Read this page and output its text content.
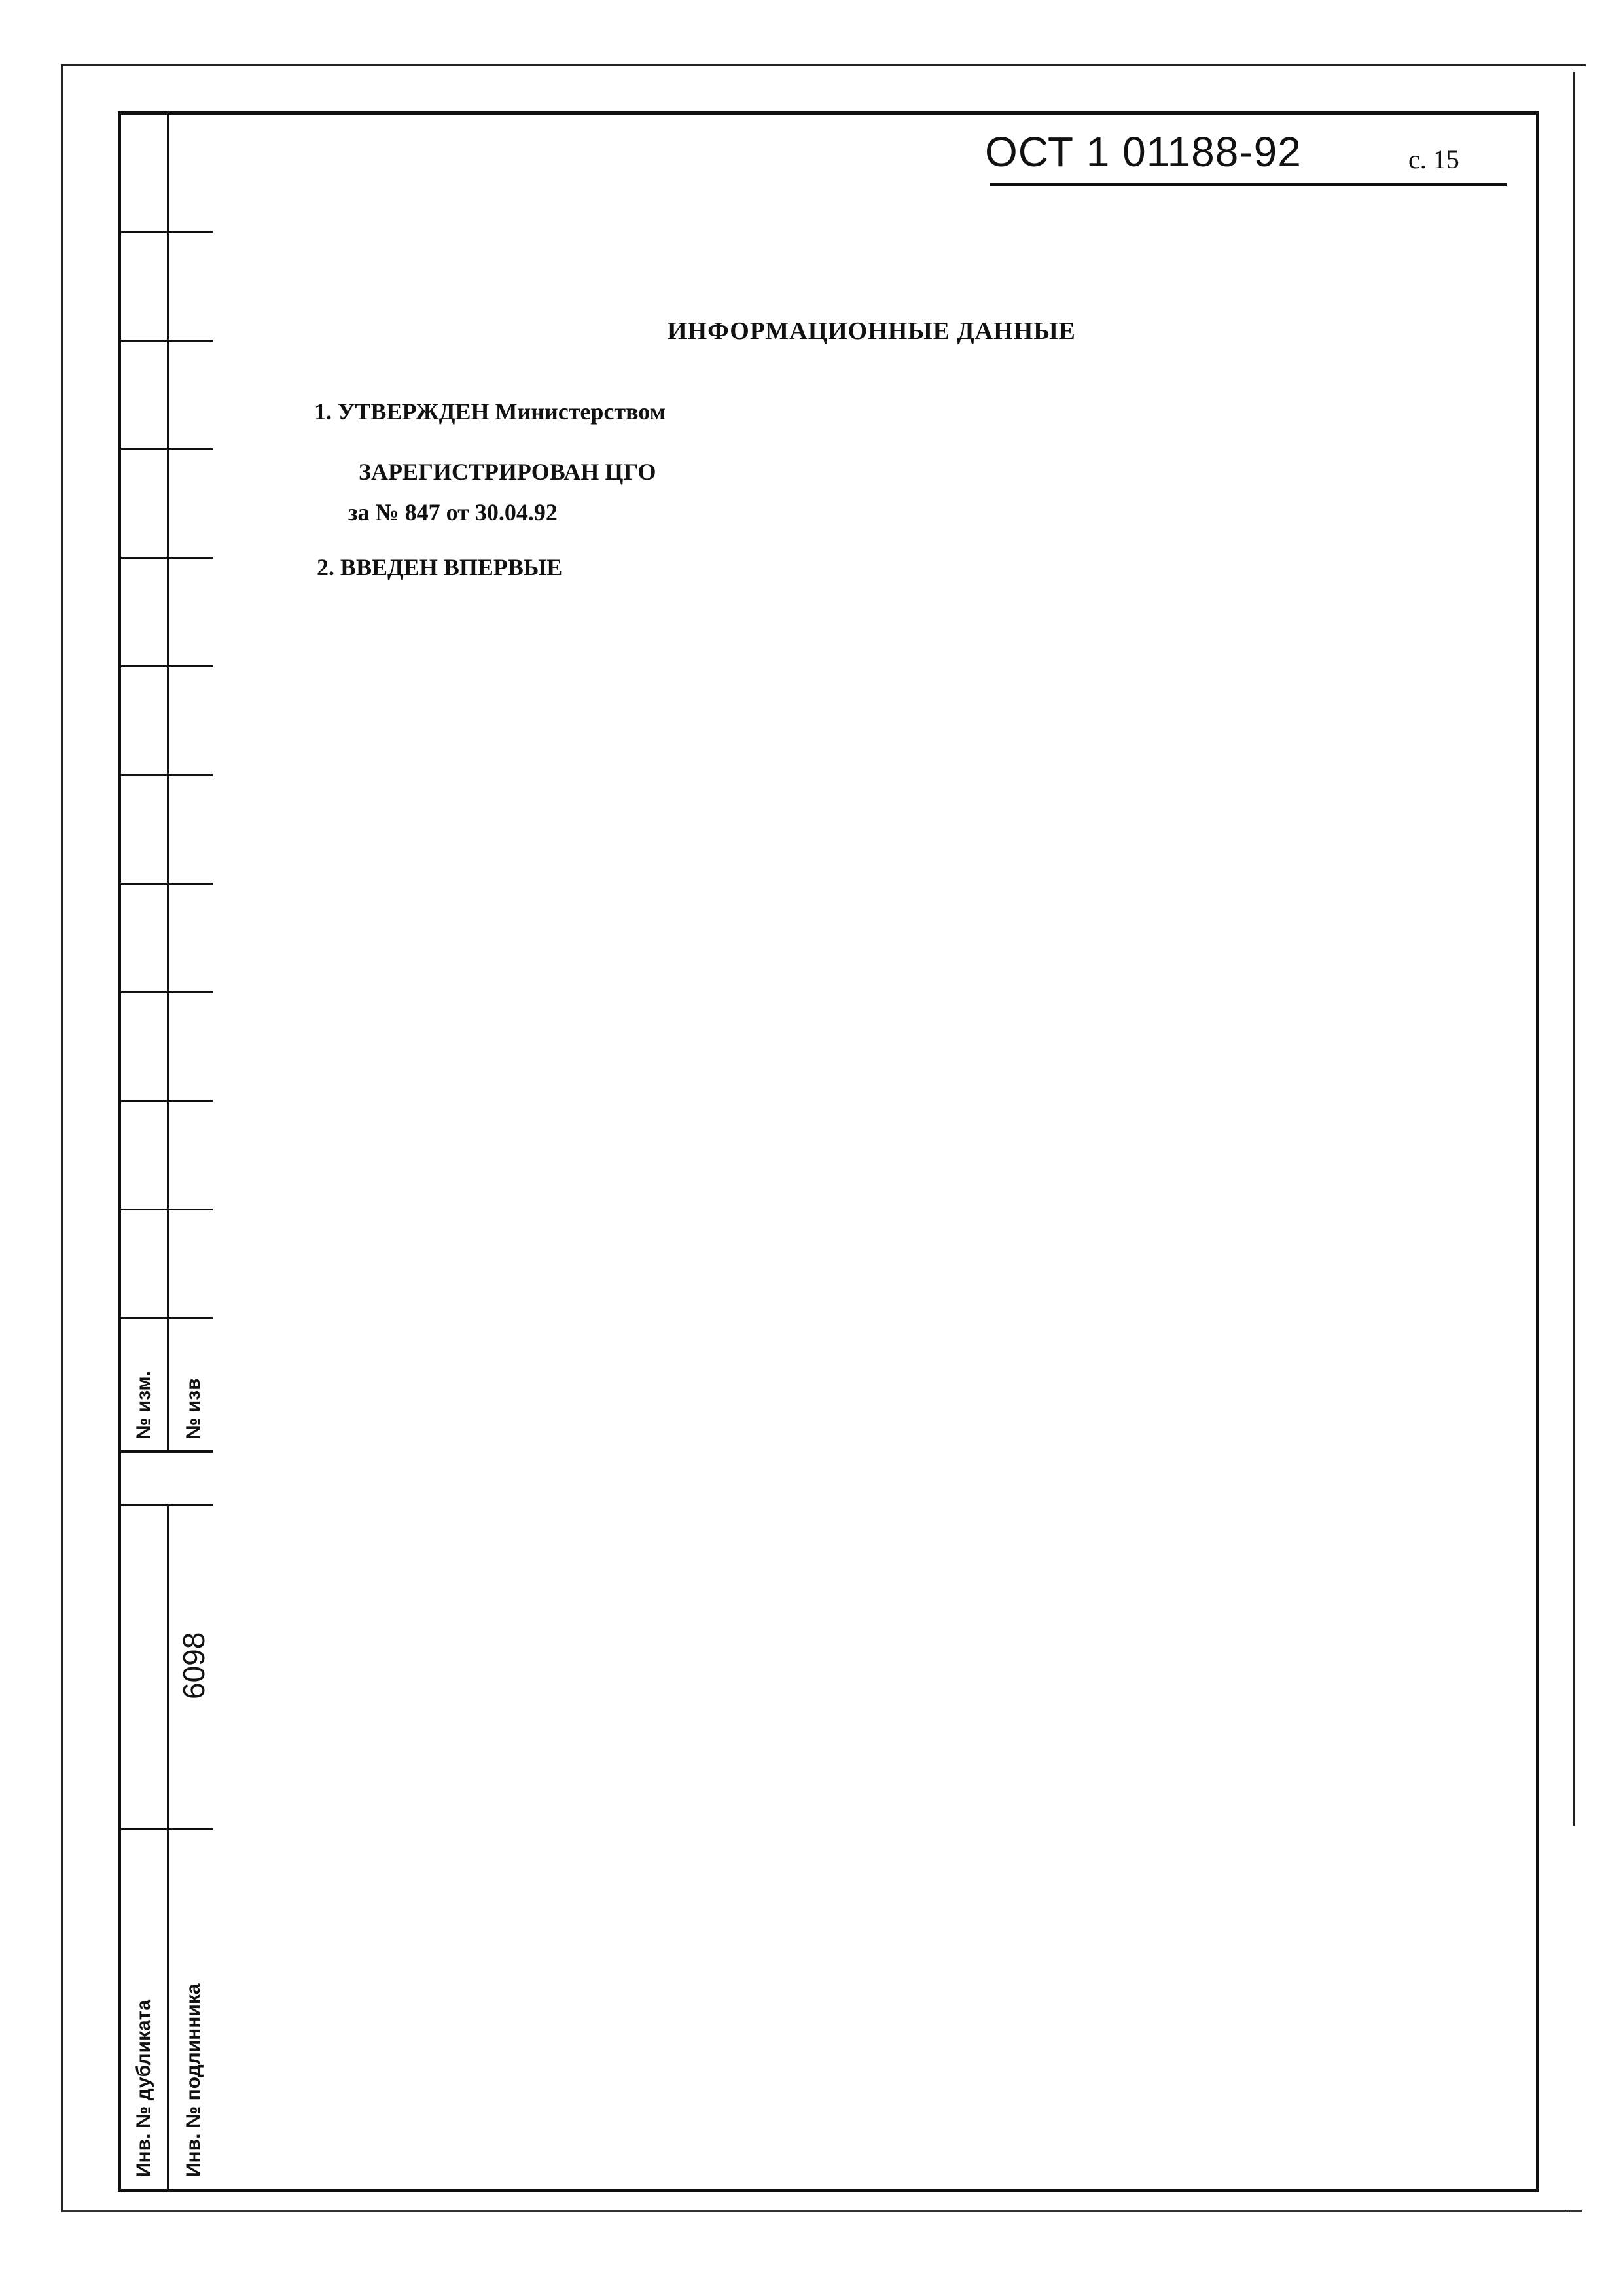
№ изм. № изв
6098
Инв. № дубликата Инв. № подлинника
ОСТ 1 01188-92	с. 15
ИНФОРМАЦИОННЫЕ ДАННЫЕ
1. УТВЕРЖДЕН Министерством
ЗАРЕГИСТРИРОВАН ЦГО
за № 847 от 30.04.92
2. ВВЕДЕН ВПЕРВЫЕ
